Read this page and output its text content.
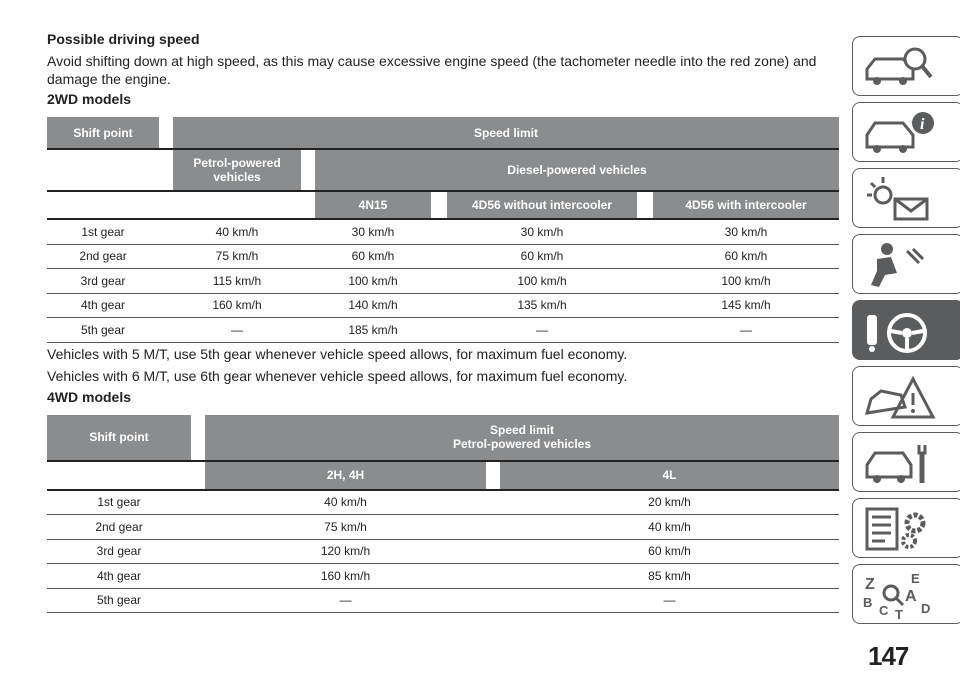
Possible driving speed

Avoid shifting down at high speed, as this may cause excessive engine speed (the tachometer needle into the red zone) and

damage the engine.

2WD models

Shift point		Speed limit						
		Petrol-powered
vehicles		Diesel-powered vehicles				
				4N15		4D56 without intercooler		4D56 with intercooler
1st gear		40 km/h		30 km/h		30 km/h		30 km/h
2nd gear		75 km/h		60 km/h		60 km/h		60 km/h
3rd gear		115 km/h		100 km/h		100 km/h		100 km/h
4th gear		160 km/h		140 km/h		135 km/h		145 km/h
5th gear		—		185 km/h		—		—

Vehicles with 5 M/T, use 5th gear whenever vehicle speed allows, for maximum fuel economy.

Vehicles with 6 M/T, use 6th gear whenever vehicle speed allows, for maximum fuel economy.

4WD models

Shift point		Speed limit
Petrol-powered vehicles		
		2H, 4H		4L
1st gear		40 km/h		20 km/h
2nd gear		75 km/h		40 km/h
3rd gear		120 km/h		60 km/h
4th gear		160 km/h		85 km/h
5th gear		—		—
i
Z	E
A
B
C T D
147
